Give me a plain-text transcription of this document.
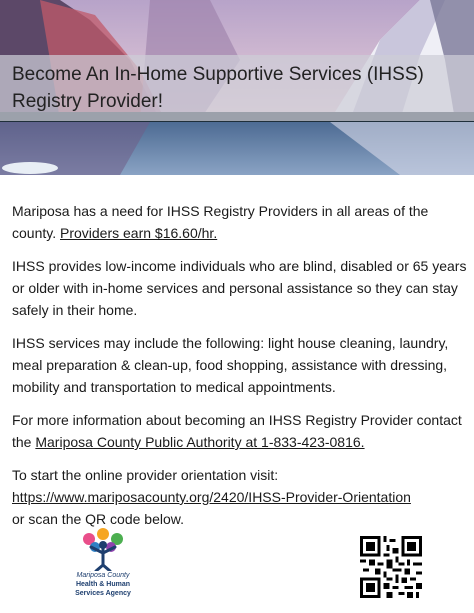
Become An In-Home Supportive Services (IHSS) Registry Provider!

Mariposa has a need for IHSS Registry Providers in all areas of the county. Providers earn $16.60/hr.

IHSS provides low-income individuals who are blind, disabled or 65 years or older with in-home services and personal assistance so they can stay safely in their home.

IHSS services may include the following: light house cleaning, laundry, meal preparation & clean-up, food shopping, assistance with dressing, mobility and transportation to medical appointments.

For more information about becoming an IHSS Registry Provider contact the Mariposa County Public Authority at 1-833-423-0816.

To start the online provider orientation visit:
https://www.mariposacounty.org/2420/IHSS-Provider-Orientation
or scan the QR code below.

Mariposa County
Health & Human
Services Agency
